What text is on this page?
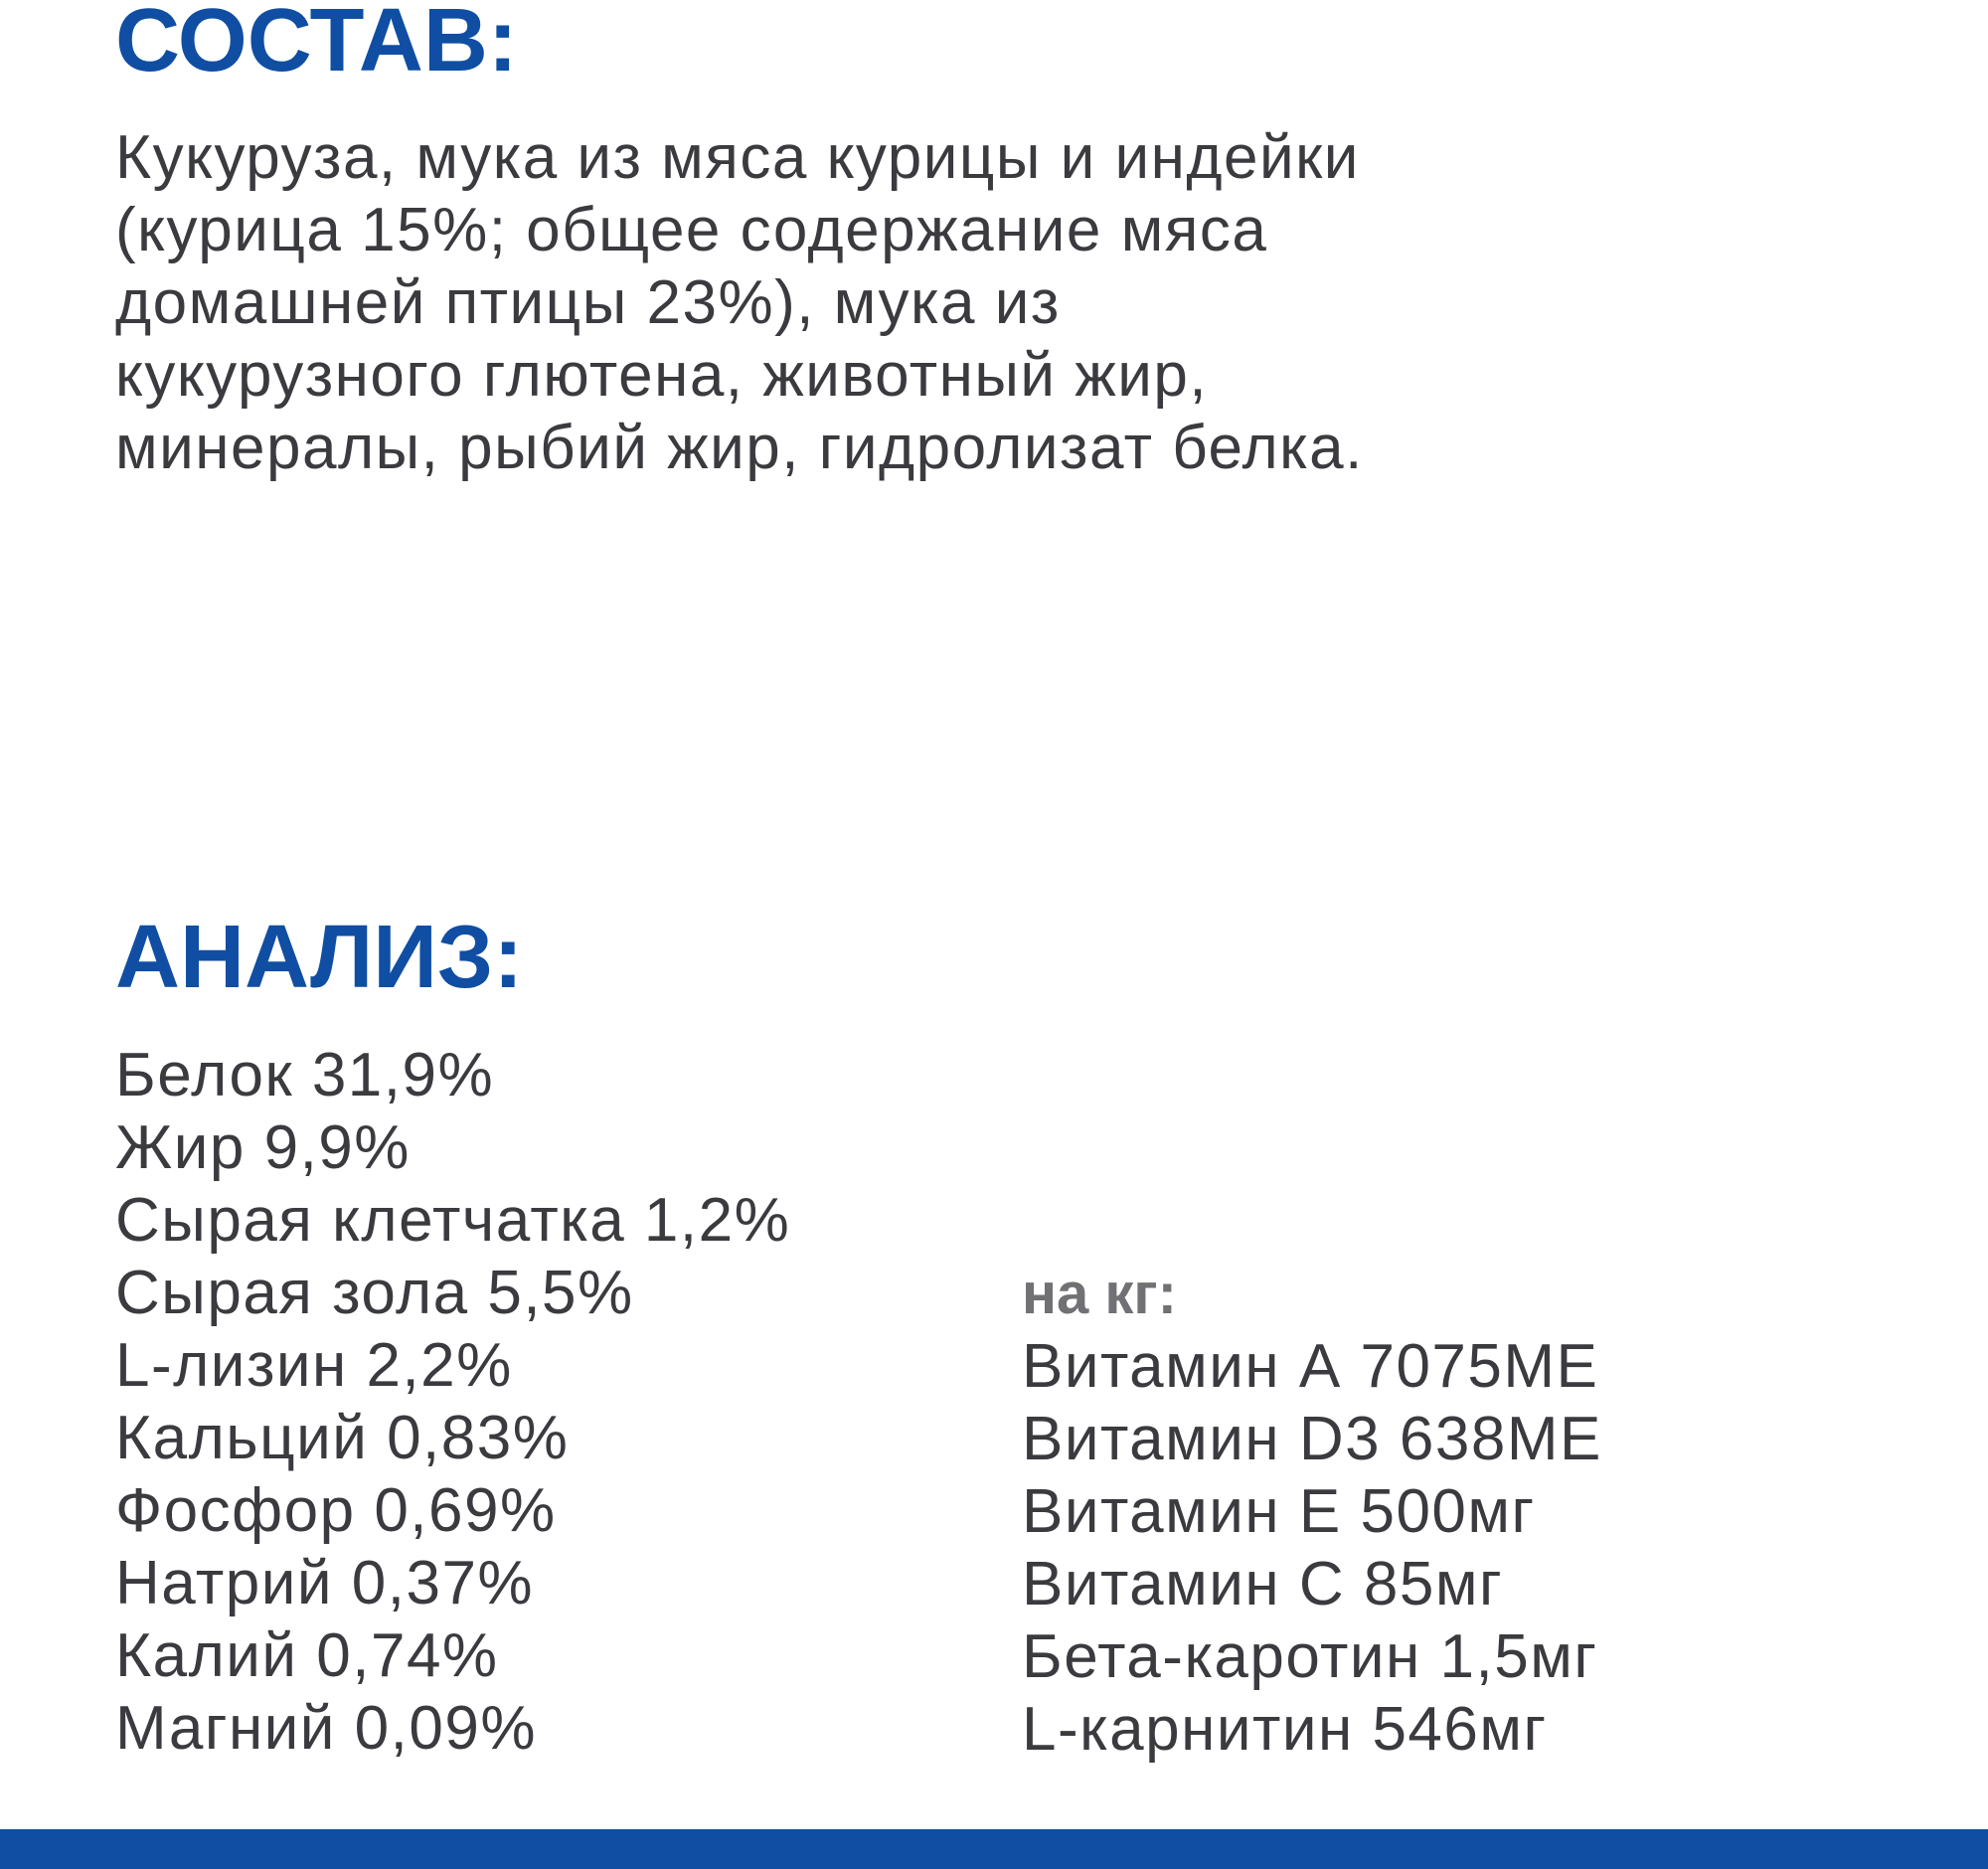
СОСТАВ:

Кукуруза, мука из мяса курицы и индейки
(курица 15%; общее содержание мяса
домашней птицы 23%), мука из
кукурузного глютена, животный жир,
минералы, рыбий жир, гидролизат белка.

АНАЛИЗ:
Белок 31,9%
Жир 9,9%
Сырая клетчатка 1,2%
Сырая зола 5,5%
L-лизин 2,2%
Кальций 0,83%
Фосфор 0,69%
Натрий 0,37%
Калий 0,74%
Магний 0,09%
на кг:
Витамин А 7075МЕ
Витамин D3 638МЕ
Витамин Е 500мг
Витамин С 85мг
Бета-каротин 1,5мг
L-карнитин 546мг
